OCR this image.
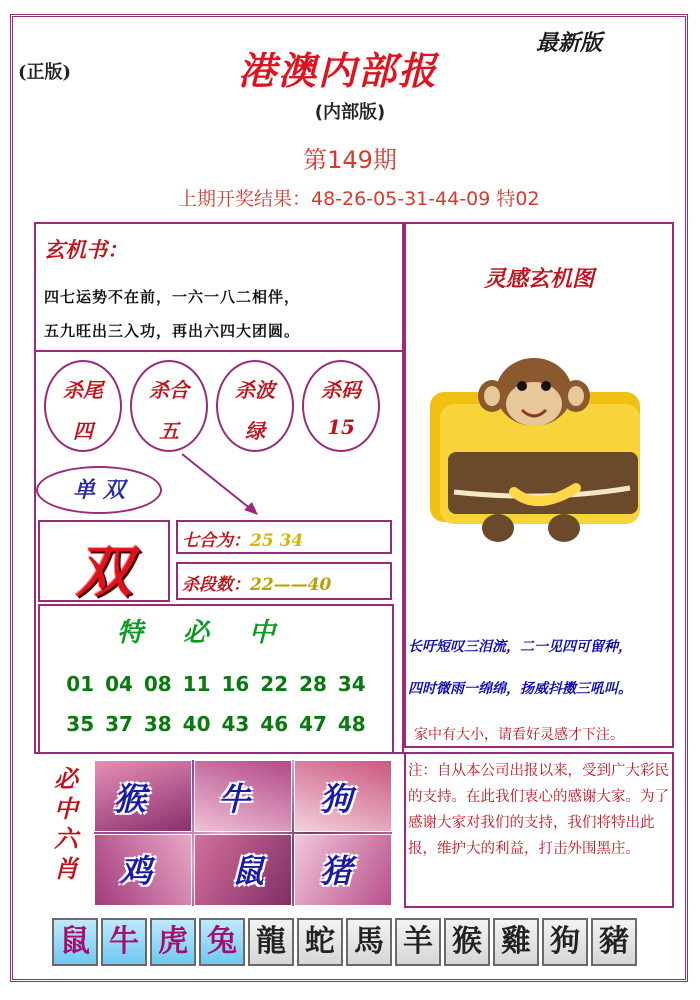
(正版)
最新版
港澳内部报
(内部版)
第149期
上期开奖结果：48-26-05-31-44-09 特02
玄机书：
四七运势不在前，一六一八二相伴，
五九旺出三入功，再出六四大团圆。
杀尾
四
杀合
五
杀波
绿
杀码
15
单 双
双	七合为：25 34
杀段数：22——40
特必中
01 04 08 11 16 22 28 34
35 37 38 40 43 46 47 48
灵感玄机图
长吁短叹三泪流，二一见四可留种，
四时微雨一绵绵，扬威抖擞三吼叫。
家中有大小，请看好灵感才下注。
注：自从本公司出报以来，受到广大彩民的支持。在此我们衷心的感谢大家。为了感谢大家对我们的支持，我们将特出此报，维护大的利益，打击外围黑庄。
必中六肖
猴 牛 狗
鸡 鼠 猪
鼠 牛 虎 兔 龍 蛇 馬 羊 猴 雞 狗 豬
